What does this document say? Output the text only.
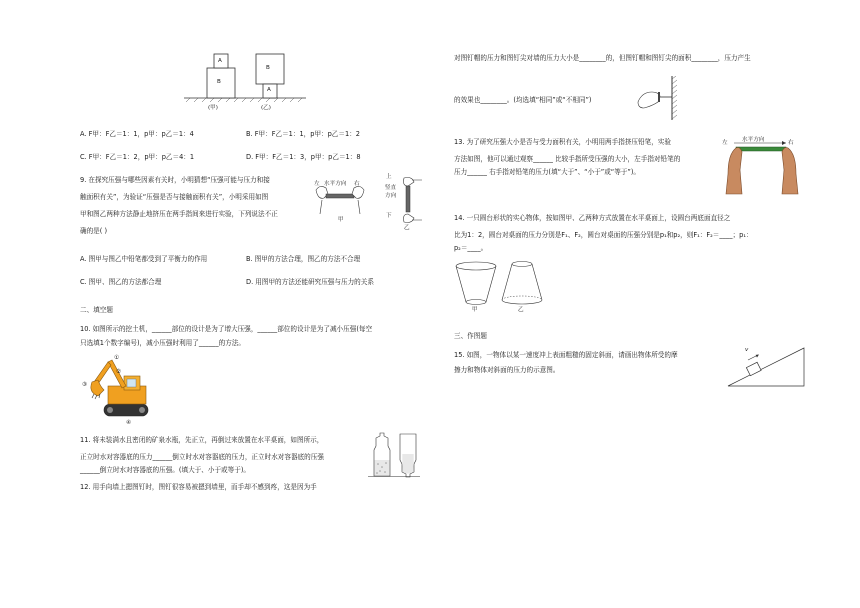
A
B
B
A
(甲)	(乙)
A. F甲：F乙＝1：1，p甲：p乙＝1：4	B. F甲：F乙＝1：1，p甲：p乙＝1：2
C. F甲：F乙＝1：2，p甲：p乙＝4：1	D. F甲：F乙＝1：3，p甲：p乙＝1：8
9. 在探究压强与哪些因素有关时，小明猜想“压强可能与压力和接
触面积有关”，为验证“压强是否与接触面积有关”，小明采用如图
甲和图乙两种方法静止地挤压在两手指间来进行实验，下列说法不正
确的是( )
左 水平方向 右
甲
上
竖直方向
下
乙
A. 图甲与图乙中铅笔都受到了平衡力的作用	B. 图甲的方法合理，图乙的方法不合理
C. 图甲、图乙的方法都合理	D. 用图甲的方法还能研究压强与压力的关系
二、填空题
10. 如图所示的挖土机，______部位的设计是为了增大压强，______部位的设计是为了减小压强(每空
只选填1个数字编号)，减小压强时利用了______的方法。
①
②
③
④
11. 将未装满水且密闭的矿泉水瓶，先正立，再倒过来放置在水平桌面，如图所示，
正立时水对容器底的压力______倒立时水对容器底的压力，正立时水对容器底的压强
______倒立时水对容器底的压强。(填大于、小于或等于)。
12. 用手向墙上摁图钉时，图钉很容易被摁到墙里，而手却不感到疼，这是因为手
对图钉帽的压力和图钉尖对墙的压力大小是________的，但图钉帽和图钉尖的面积________，压力产生
的效果也________。(均选填“相同”或“不相同”)
13. 为了研究压强大小是否与受力面积有关，小明用两手指挤压铅笔，实验
方法如图，他可以通过观察______ 比较手指所受压强的大小，左手指对铅笔的
压力______ 右手指对铅笔的压力(填“大于”、“小于”或“等于”)。
左	水平方向	右
14. 一只圆台形状的实心物体，按如图甲、乙两种方式放置在水平桌面上，设圆台两底面直径之
比为1：2，圆台对桌面的压力分别是F₁、F₂，圆台对桌面的压强分别是p₁和p₂，则F₁：F₂＝____；p₁：
p₂＝____。
甲	乙
三、作图题
15. 如图，一物体以某一速度冲上表面粗糙的固定斜面，请画出物体所受的摩
擦力和物体对斜面的压力的示意图。
v
